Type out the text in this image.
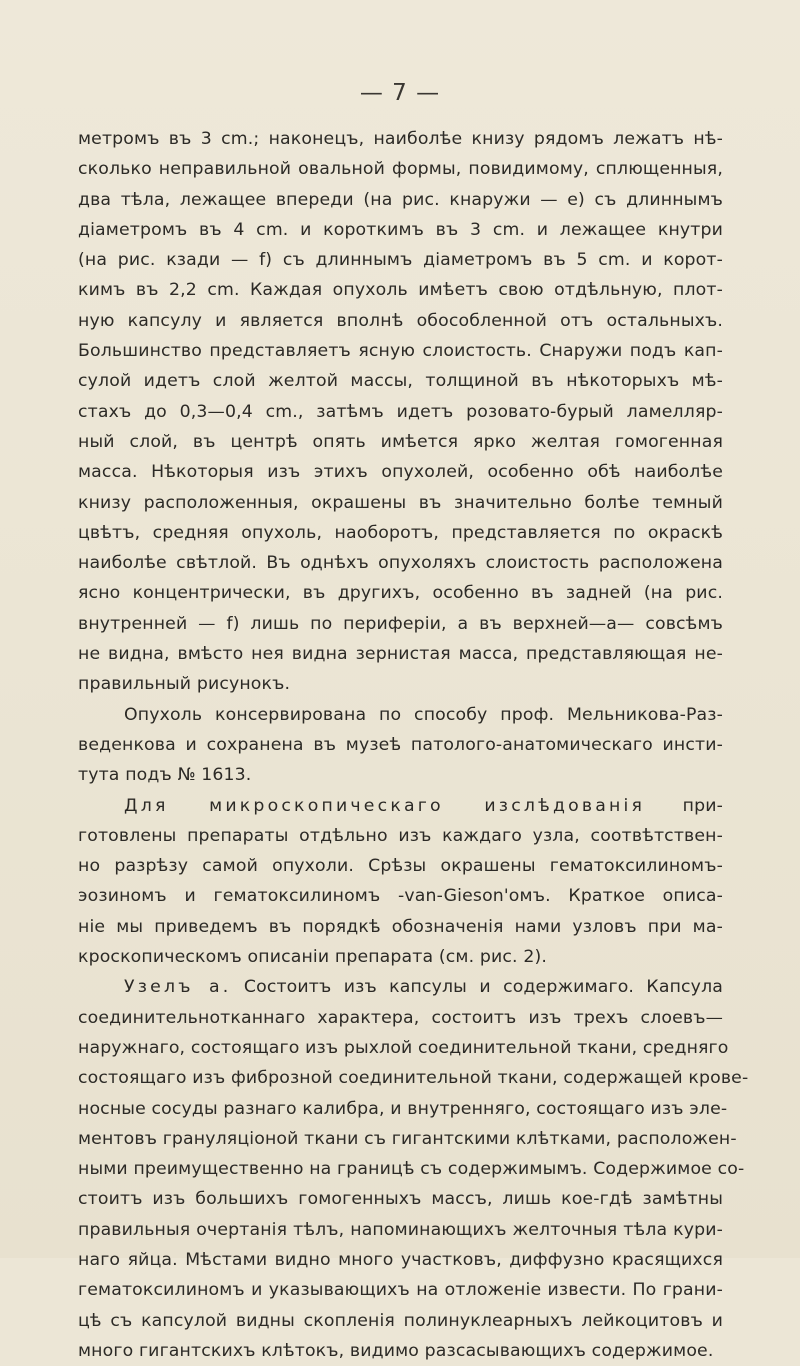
— 7 —
метромъ въ 3 cm.; наконецъ, наиболѣе книзу рядомъ лежатъ нѣ-
сколько неправильной овальной формы, повидимому, сплющенныя,
два тѣла, лежащее впереди (на рис. кнаружи — е) съ длиннымъ
діаметромъ въ 4 cm. и короткимъ въ 3 cm. и лежащее кнутри
(на рис. кзади — f) съ длиннымъ діаметромъ въ 5 cm. и корот-
кимъ въ 2,2 cm. Каждая опухоль имѣетъ свою отдѣльную, плот-
ную капсулу и является вполнѣ обособленной отъ остальныхъ.
Большинство представляетъ ясную слоистость. Снаружи подъ кап-
сулой идетъ слой желтой массы, толщиной въ нѣкоторыхъ мѣ-
стахъ до 0,3—0,4 cm., затѣмъ идетъ розовато-бурый ламелляр-
ный слой, въ центрѣ опять имѣется ярко желтая гомогенная
масса. Нѣкоторыя изъ этихъ опухолей, особенно обѣ наиболѣе
книзу расположенныя, окрашены въ значительно болѣе темный
цвѣтъ, средняя опухоль, наоборотъ, представляется по окраскѣ
наиболѣе свѣтлой. Въ однѣхъ опухоляхъ слоистость расположена
ясно концентрически, въ другихъ, особенно въ задней (на рис.
внутренней — f) лишь по периферіи, а въ верхней—а— совсѣмъ
не видна, вмѣсто нея видна зернистая масса, представляющая не-
правильный рисунокъ.
Опухоль консервирована по способу проф. Мельникова-Раз-
веденкова и сохранена въ музеѣ патолого-анатомическаго инсти-
тута подъ № 1613.
Для микроскопическаго изслѣдованія при-
готовлены препараты отдѣльно изъ каждаго узла, соотвѣтствен-
но разрѣзу самой опухоли. Срѣзы окрашены гематоксилиномъ-
эозиномъ и гематоксилиномъ -van-Gieson'омъ. Краткое описа-
ніе мы приведемъ въ порядкѣ обозначенія нами узловъ при ма-
кроскопическомъ описаніи препарата (см. рис. 2).
Узелъ а. Состоитъ изъ капсулы и содержимаго. Капсула
соединительнотканнаго характера, состоитъ изъ трехъ слоевъ—
наружнаго, состоящаго изъ рыхлой соединительной ткани, средняго
состоящаго изъ фиброзной соединительной ткани, содержащей крове-
носные сосуды разнаго калибра, и внутренняго, состоящаго изъ эле-
ментовъ грануляціоной ткани съ гигантскими клѣтками, расположен-
ными преимущественно на границѣ съ содержимымъ. Содержимое со-
стоитъ изъ большихъ гомогенныхъ массъ, лишь кое-гдѣ замѣтны
правильныя очертанія тѣлъ, напоминающихъ желточныя тѣла кури-
наго яйца. Мѣстами видно много участковъ, диффузно красящихся
гематоксилиномъ и указывающихъ на отложеніе извести. По грани-
цѣ съ капсулой видны скопленія полинуклеарныхъ лейкоцитовъ и
много гигантскихъ клѣтокъ, видимо разсасывающихъ содержимое.
